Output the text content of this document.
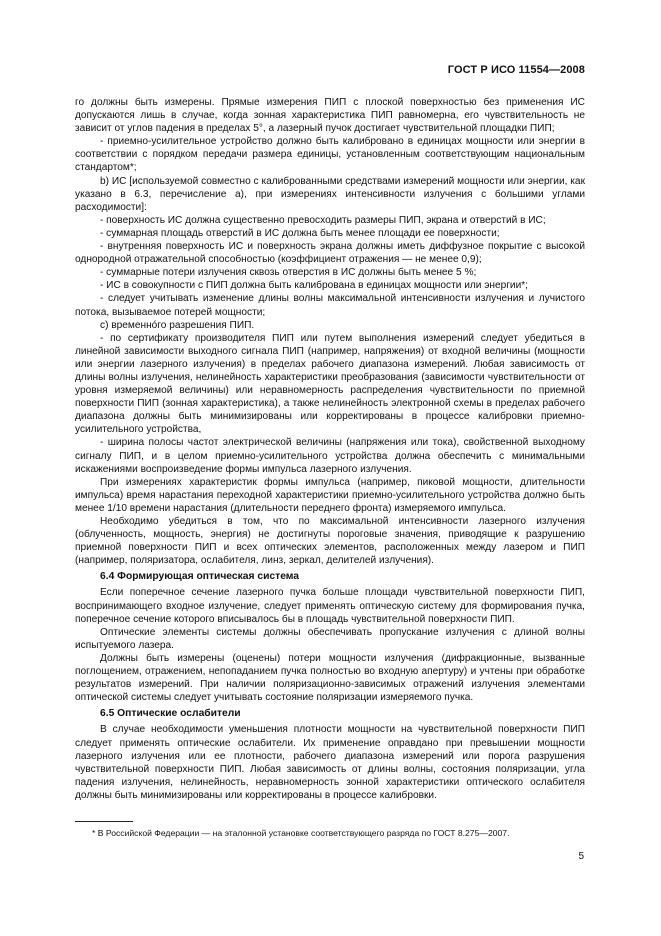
ГОСТ Р ИСО 11554—2008

го должны быть измерены. Прямые измерения ПИП с плоской поверхностью без применения ИС допускаются лишь в случае, когда зонная характеристика ПИП равномерна, его чувствительность не зависит от углов падения в пределах 5°, а лазерный пучок достигает чувствительной площадки ПИП;

- приемно-усилительное устройство должно быть калибровано в единицах мощности или энергии в соответствии с порядком передачи размера единицы, установленным соответствующим национальным стандартом*;

b) ИС [используемой совместно с калиброванными средствами измерений мощности или энергии, как указано в 6.3, перечисление а), при измерениях интенсивности излучения с большими углами расходимости]:

- поверхность ИС должна существенно превосходить размеры ПИП, экрана и отверстий в ИС;

- суммарная площадь отверстий в ИС должна быть менее площади ее поверхности;

- внутренняя поверхность ИС и поверхность экрана должны иметь диффузное покрытие с высокой однородной отражательной способностью (коэффициент отражения — не менее 0,9);

- суммарные потери излучения сквозь отверстия в ИС должны быть менее 5 %;

- ИС в совокупности с ПИП должна быть калибрована в единицах мощности или энергии*;

- следует учитывать изменение длины волны максимальной интенсивности излучения и лучистого потока, вызываемое потерей мощности;

с) временно́го разрешения ПИП.

- по сертификату производителя ПИП или путем выполнения измерений следует убедиться в линейной зависимости выходного сигнала ПИП (например, напряжения) от входной величины (мощности или энергии лазерного излучения) в пределах рабочего диапазона измерений. Любая зависимость от длины волны излучения, нелинейность характеристики преобразования (зависимости чувствительности от уровня измеряемой величины) или неравномерность распределения чувствительности по приемной поверхности ПИП (зонная характеристика), а также нелинейность электронной схемы в пределах рабочего диапазона должны быть минимизированы или корректированы в процессе калибровки приемно-усилительного устройства,

- ширина полосы частот электрической величины (напряжения или тока), свойственной выходному сигналу ПИП, и в целом приемно-усилительного устройства должна обеспечить с минимальными искажениями воспроизведение формы импульса лазерного излучения.

При измерениях характеристик формы импульса (например, пиковой мощности, длительности импульса) время нарастания переходной характеристики приемно-усилительного устройства должно быть менее 1/10 времени нарастания (длительности переднего фронта) измеряемого импульса.

Необходимо убедиться в том, что по максимальной интенсивности лазерного излучения (облученность, мощность, энергия) не достигнуты пороговые значения, приводящие к разрушению приемной поверхности ПИП и всех оптических элементов, расположенных между лазером и ПИП (например, поляризатора, ослабителя, линз, зеркал, делителей излучения).

6.4 Формирующая оптическая система

Если поперечное сечение лазерного пучка больше площади чувствительной поверхности ПИП, воспринимающего входное излучение, следует применять оптическую систему для формирования пучка, поперечное сечение которого вписывалось бы в площадь чувствительной поверхности ПИП.

Оптические элементы системы должны обеспечивать пропускание излучения с длиной волны испытуемого лазера.

Должны быть измерены (оценены) потери мощности излучения (дифракционные, вызванные поглощением, отражением, непопаданием пучка полностью во входную апертуру) и учтены при обработке результатов измерений. При наличии поляризационно-зависимых отражений излучения элементами оптической системы следует учитывать состояние поляризации измеряемого пучка.

6.5 Оптические ослабители

В случае необходимости уменьшения плотности мощности на чувствительной поверхности ПИП следует применять оптические ослабители. Их применение оправдано при превышении мощности лазерного излучения или ее плотности, рабочего диапазона измерений или порога разрушения чувствительной поверхности ПИП. Любая зависимость от длины волны, состояния поляризации, угла падения излучения, нелинейность, неравномерность зонной характеристики оптического ослабителя должны быть минимизированы или корректированы в процессе калибровки.

* В Российской Федерации — на эталонной установке соответствующего разряда по ГОСТ 8.275—2007.
5
